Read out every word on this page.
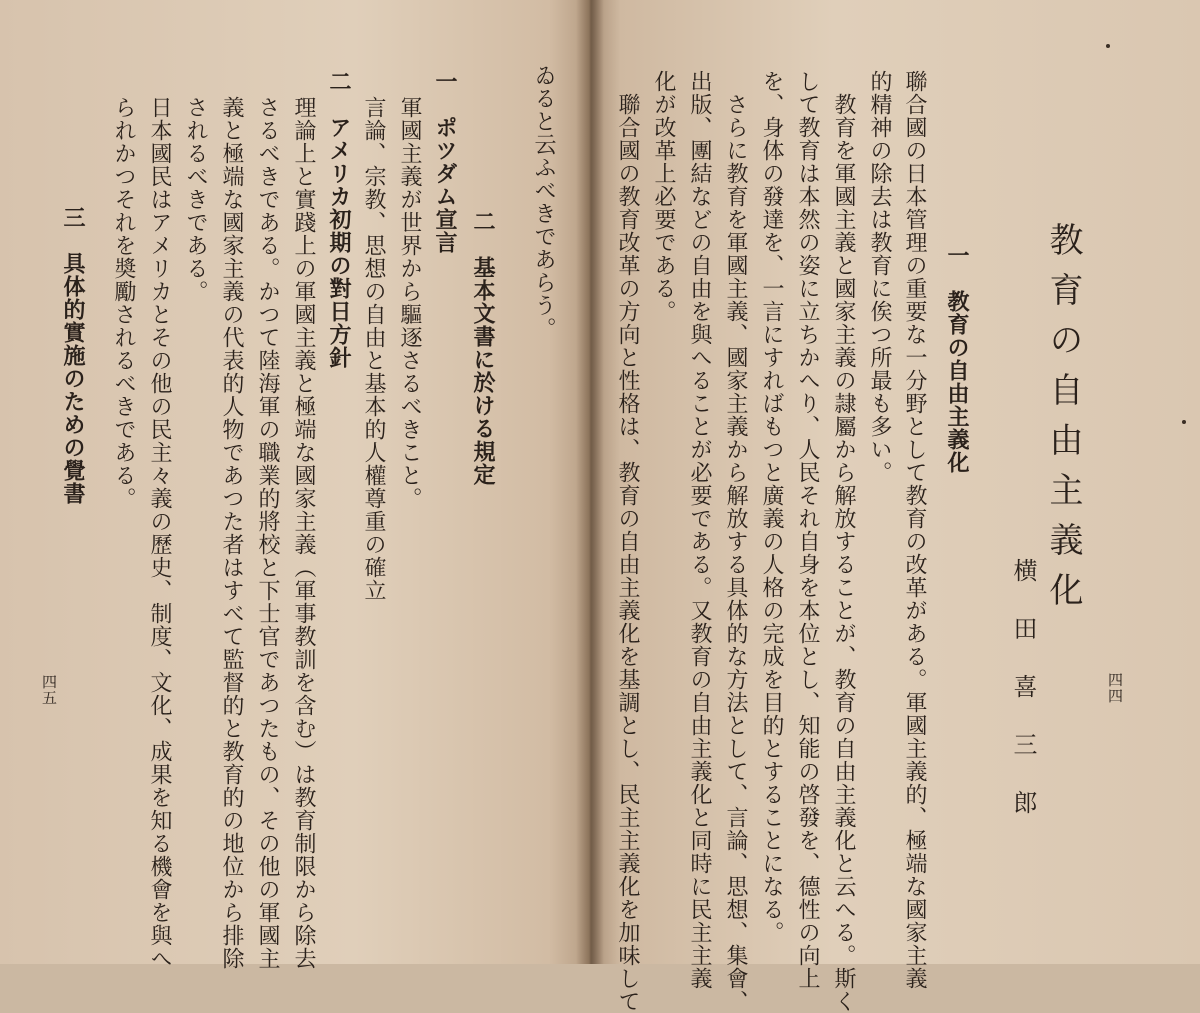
教育の自由主義化
横田喜三郎	四四
一　教育の自由主義化
聯合國の日本管理の重要な一分野として教育の改革がある。軍國主義的、極端な國家主義
的精神の除去は教育に俟つ所最も多い。
　教育を軍國主義と國家主義の隷屬から解放することが、教育の自由主義化と云へる。斯く
して教育は本然の姿に立ちかへり、人民それ自身を本位とし、知能の啓發を、德性の向上
を、身体の發達を、一言にすればもつと廣義の人格の完成を目的とすることになる。
　さらに教育を軍國主義、國家主義から解放する具体的な方法として、言論、思想、集會、
出版、團結などの自由を與へることが必要である。又教育の自由主義化と同時に民主主義
化が改革上必要である。
　聯合國の教育改革の方向と性格は、教育の自由主義化を基調とし、民主主義化を加味して
ゐると云ふべきであらう。
二　基本文書に於ける規定
一　ポツダム宣言
軍國主義が世界から驅逐さるべきこと。
言論、宗教、思想の自由と基本的人權尊重の確立
二　アメリカ初期の對日方針
理論上と實踐上の軍國主義と極端な國家主義（軍事教訓を含む）は教育制限から除去
さるべきである。かつて陸海軍の職業的將校と下士官であつたもの、その他の軍國主
義と極端な國家主義の代表的人物であつた者はすべて監督的と教育的の地位から排除
されるべきである。
日本國民はアメリカとその他の民主々義の歷史、制度、文化、成果を知る機會を與へ
られかつそれを奬勵されるべきである。
三　具体的實施のための覺書
四五
